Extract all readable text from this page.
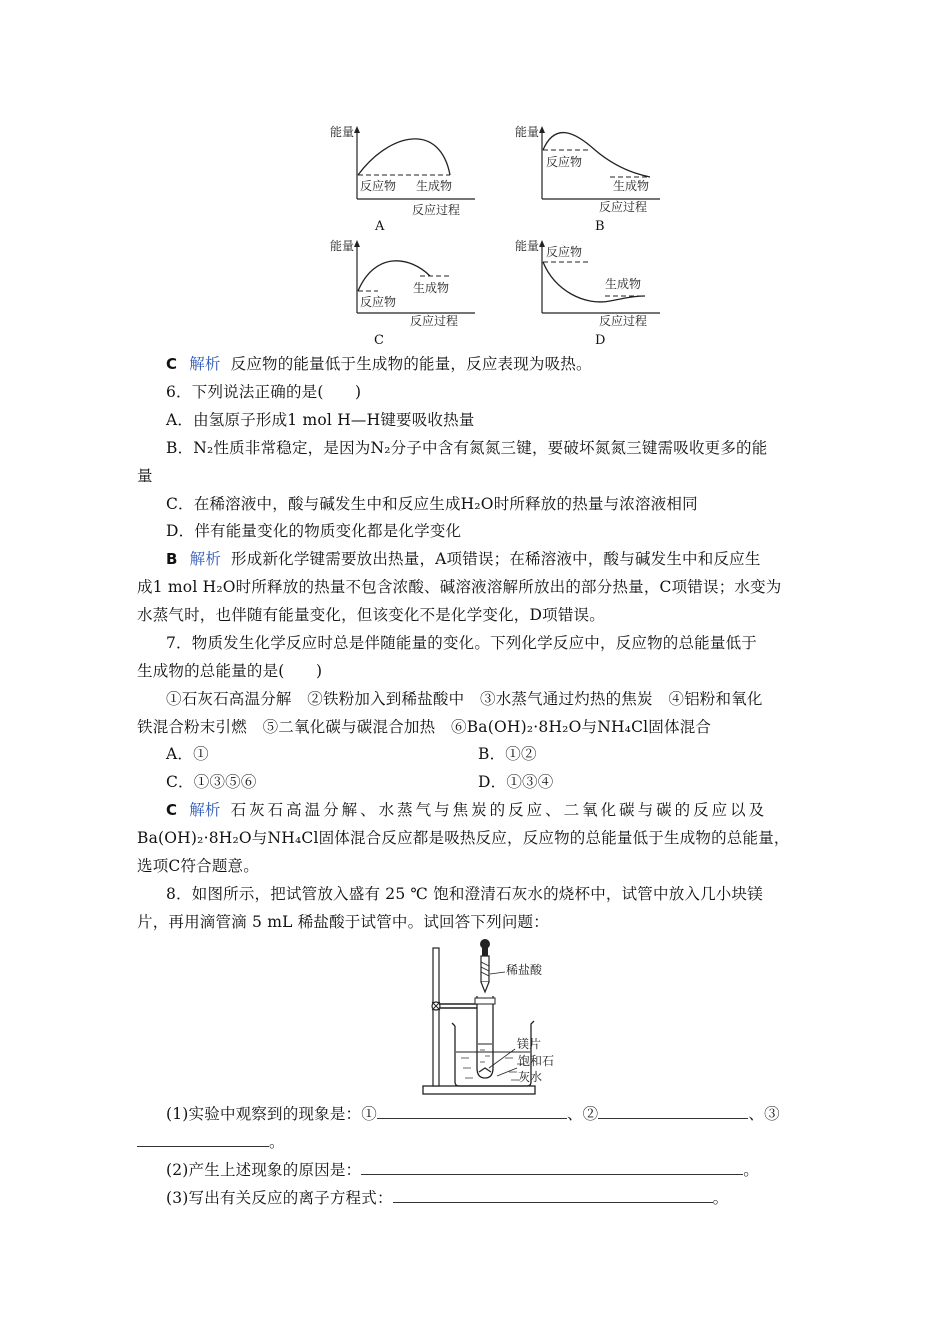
能量
反应物 生成物
反应过程
A
反应物
生成物
能量
反应过程
B
能量
反应物
生成物
反应过程
C
能量 反应物
生成物
反应过程
D
C 解析 反应物的能量低于生成物的能量，反应表现为吸热。
6．下列说法正确的是(　　)
A．由氢原子形成1 mol H—H键要吸收热量
B．N₂性质非常稳定，是因为N₂分子中含有氮氮三键，要破坏氮氮三键需吸收更多的能
量
C．在稀溶液中，酸与碱发生中和反应生成H₂O时所释放的热量与浓溶液相同
D．伴有能量变化的物质变化都是化学变化
B 解析 形成新化学键需要放出热量，A项错误；在稀溶液中，酸与碱发生中和反应生
成1 mol H₂O时所释放的热量不包含浓酸、碱溶液溶解所放出的部分热量，C项错误；水变为
水蒸气时，也伴随有能量变化，但该变化不是化学变化，D项错误。
7．物质发生化学反应时总是伴随能量的变化。下列化学反应中，反应物的总能量低于
生成物的总能量的是(　　)
①石灰石高温分解　②铁粉加入到稀盐酸中　③水蒸气通过灼热的焦炭　④铝粉和氧化
铁混合粉末引燃　⑤二氧化碳与碳混合加热　⑥Ba(OH)₂·8H₂O与NH₄Cl固体混合
A．①	B．①②
C．①③⑤⑥	D．①③④
C 解析 石灰石高温分解、水蒸气与焦炭的反应、二氧化碳与碳的反应以及
Ba(OH)₂·8H₂O与NH₄Cl固体混合反应都是吸热反应，反应物的总能量低于生成物的总能量，
选项C符合题意。
8．如图所示，把试管放入盛有 25 ℃ 饱和澄清石灰水的烧杯中，试管中放入几小块镁
片，再用滴管滴 5 mL 稀盐酸于试管中。试回答下列问题：
稀盐酸
镁片
饱和石
灰水
(1)实验中观察到的现象是：①	、②	、③
。
(2)产生上述现象的原因是：	。
(3)写出有关反应的离子方程式：	。
